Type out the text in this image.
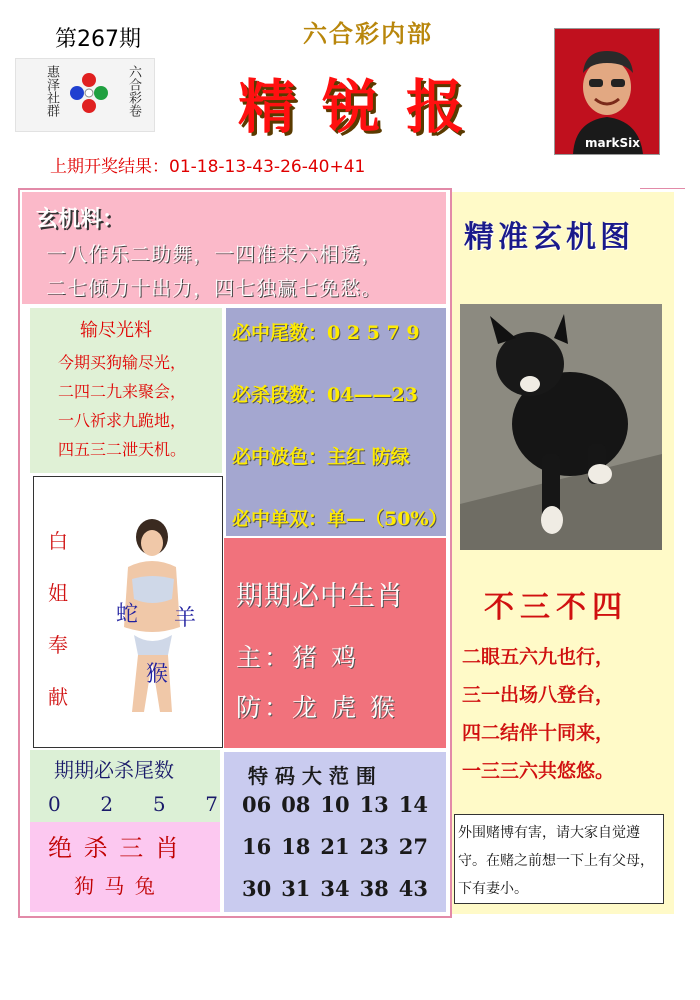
第267期
惠泽社群	六合彩卷
六合彩内部
精锐报
markSix
上期开奖结果：01-18-13-43-26-40+41
玄机料：
一八作乐二助舞，一四准来六相透，
二七倾力十出力，四七独赢七免愁。
输尽光料
今期买狗输尽光，
二四二九来聚会，
一八祈求九跪地，
四五三二泄天机。
必中尾数：0 2 5 7 9
必杀段数：04——23
必中波色：主红 防绿
必中单双：单—（50%）
白姐奉献
蛇 羊
猴
期期必中生肖
主：猪 鸡
防：龙 虎 猴
期期必杀尾数
0 2 5 7
绝 杀 三 肖
狗 马 兔
特 码 大 范 围
06 08 10 13 14
16 18 21 23 27
30 31 34 38 43
精准玄机图
不三不四
二眼五六九也行，
三一出场八登台，
四二结伴十同来，
一三三六共悠悠。
外围赌博有害，请大家自觉遵守。在赌之前想一下上有父母，下有妻小。
